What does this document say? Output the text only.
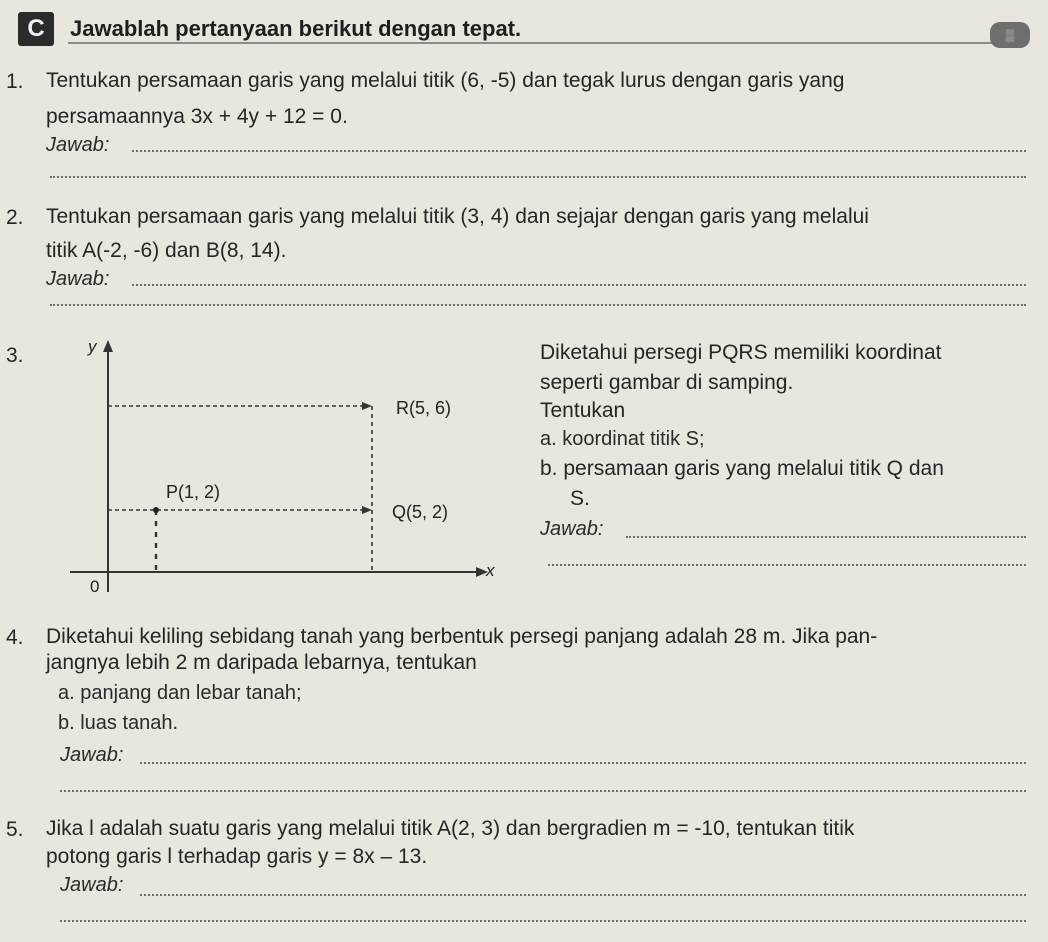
C	Jawablah pertanyaan berikut dengan tepat.	▒
1. Tentukan persamaan garis yang melalui titik (6, -5) dan tegak lurus dengan garis yang
persamaannya 3x + 4y + 12 = 0.
Jawab:
2. Tentukan persamaan garis yang melalui titik (3, 4) dan sejajar dengan garis yang melalui
titik A(-2, -6) dan B(8, 14).
Jawab:
3.	y
x
0
R(5, 6)
P(1, 2)
Q(5, 2)
Diketahui persegi PQRS memiliki koordinat
seperti gambar di samping.
Tentukan
a. koordinat titik S;
b. persamaan garis yang melalui titik Q dan
S.
Jawab:
4. Diketahui keliling sebidang tanah yang berbentuk persegi panjang adalah 28 m. Jika pan-
jangnya lebih 2 m daripada lebarnya, tentukan
a. panjang dan lebar tanah;
b. luas tanah.
Jawab:
5. Jika l adalah suatu garis yang melalui titik A(2, 3) dan bergradien m = -10, tentukan titik
potong garis l terhadap garis y = 8x – 13.
Jawab:
